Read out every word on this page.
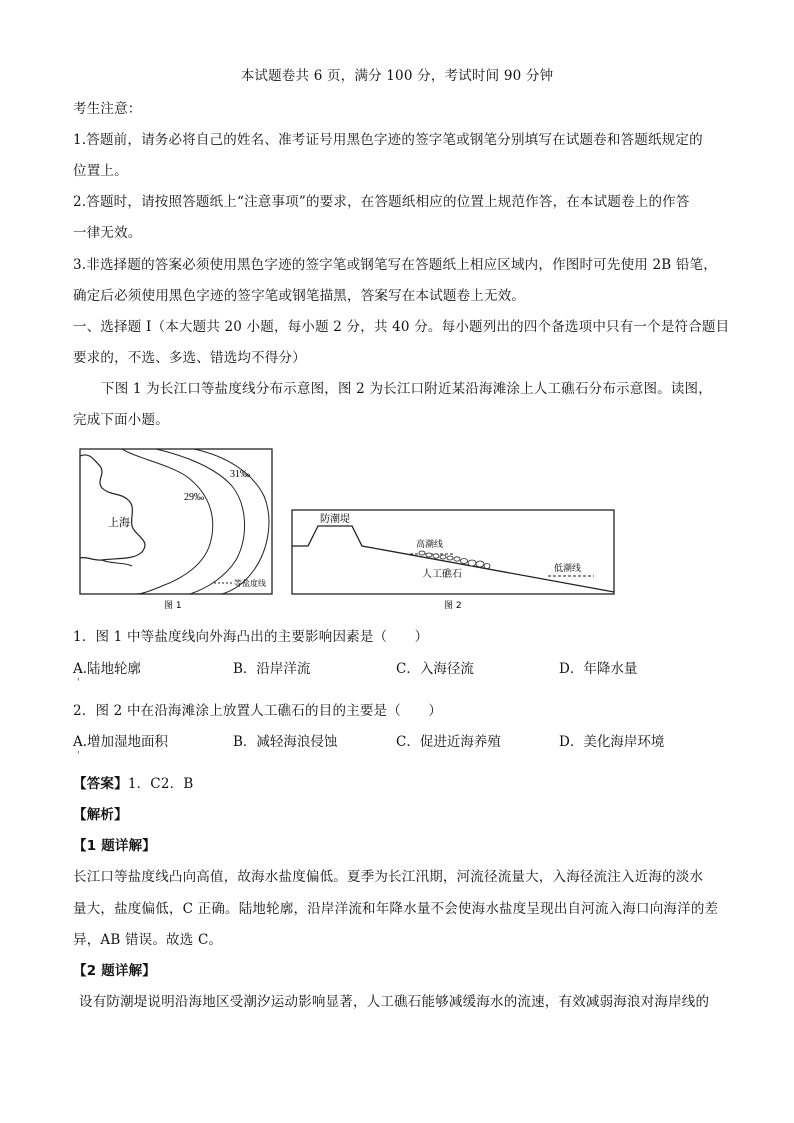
本试题卷共 6 页，满分 100 分，考试时间 90 分钟
考生注意：
1.答题前，请务必将自己的姓名、准考证号用黑色字迹的签字笔或钢笔分别填写在试题卷和答题纸规定的
位置上。
2.答题时，请按照答题纸上“注意事项”的要求，在答题纸相应的位置上规范作答，在本试题卷上的作答
一律无效。
3.非选择题的答案必须使用黑色字迹的签字笔或钢笔写在答题纸上相应区域内，作图时可先使用 2B 铅笔，
确定后必须使用黑色字迹的签字笔或钢笔描黑，答案写在本试题卷上无效。
一、选择题 I（本大题共 20 小题，每小题 2 分，共 40 分。每小题列出的四个备选项中只有一个是符合题目
要求的，不选、多选、错选均不得分）
下图 1 为长江口等盐度线分布示意图，图 2 为长江口附近某沿海滩涂上人工礁石分布示意图。读图，
完成下面小题。
31‰
29‰
上海
等盐度线
图 1
防潮堤
高潮线
人工礁石	低潮线
图 2
1．图 1 中等盐度线向外海凸出的主要影响因素是（　　）
A.陆地轮廓	B．沿岸洋流	C．入海径流	D．年降水量
'
2．图 2 中在沿海滩涂上放置人工礁石的目的主要是（　　）
A.增加湿地面积	B．减轻海浪侵蚀	C．促进近海养殖	D．美化海岸环境
'
【答案】1．C2．B
【解析】
【1 题详解】
长江口等盐度线凸向高值，故海水盐度偏低。夏季为长江汛期，河流径流量大，入海径流注入近海的淡水
量大，盐度偏低，C 正确。陆地轮廓，沿岸洋流和年降水量不会使海水盐度呈现出自河流入海口向海洋的差
异，AB 错误。故选 C。
【2 题详解】
设有防潮堤说明沿海地区受潮汐运动影响显著，人工礁石能够减缓海水的流速，有效减弱海浪对海岸线的
